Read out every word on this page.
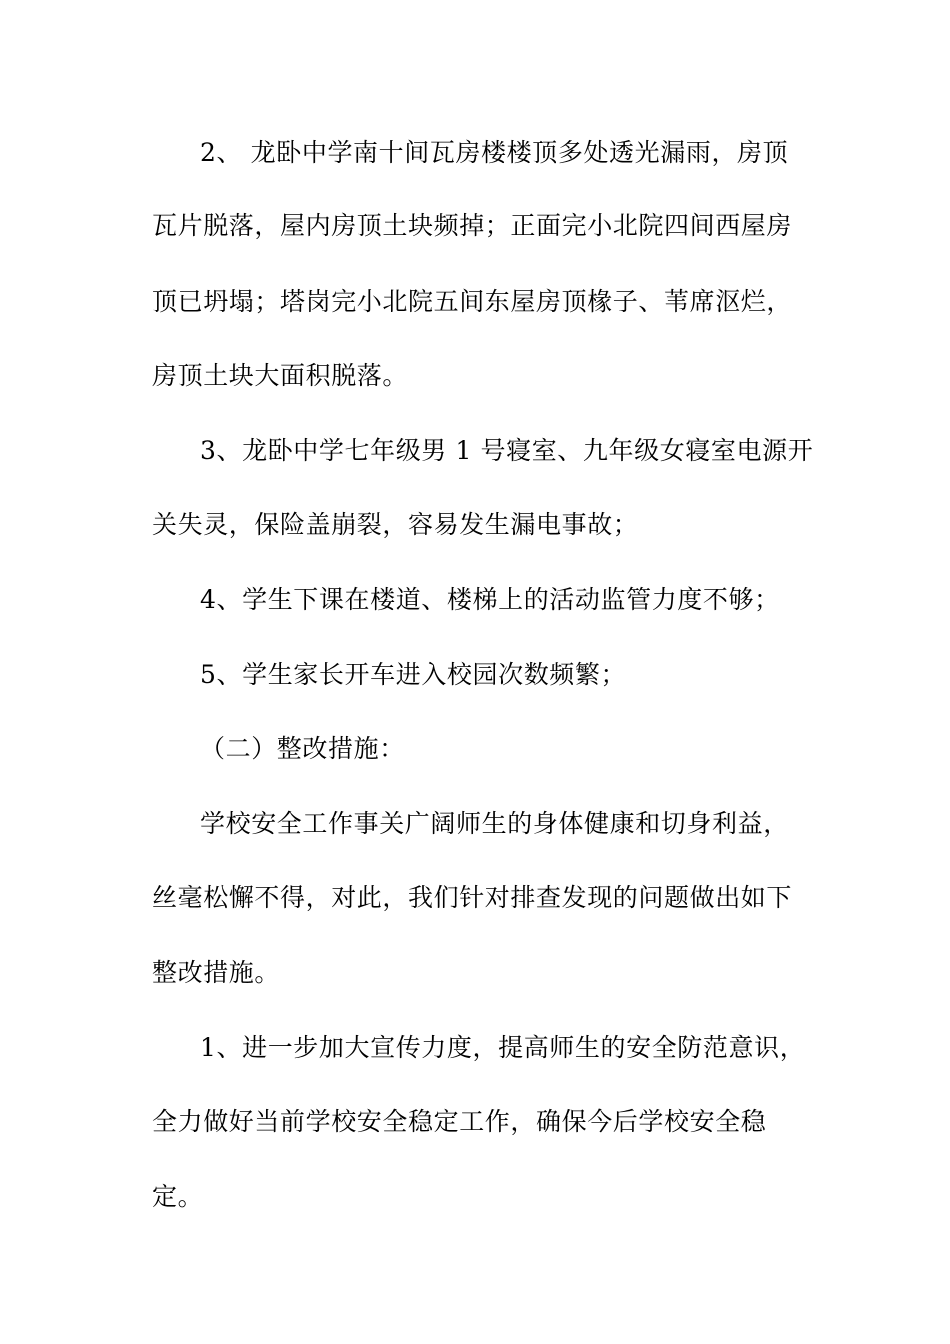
2、 龙卧中学南十间瓦房楼楼顶多处透光漏雨，房顶
瓦片脱落，屋内房顶土块频掉；正面完小北院四间西屋房
顶已坍塌；塔岗完小北院五间东屋房顶椽子、苇席沤烂，
房顶土块大面积脱落。
3、龙卧中学七年级男 1 号寝室、九年级女寝室电源开
关失灵，保险盖崩裂，容易发生漏电事故；
4、学生下课在楼道、楼梯上的活动监管力度不够；
5、学生家长开车进入校园次数频繁；
（二）整改措施：
学校安全工作事关广阔师生的身体健康和切身利益，
丝毫松懈不得，对此，我们针对排查发现的问题做出如下
整改措施。
1、进一步加大宣传力度，提高师生的安全防范意识，
全力做好当前学校安全稳定工作，确保今后学校安全稳
定。
